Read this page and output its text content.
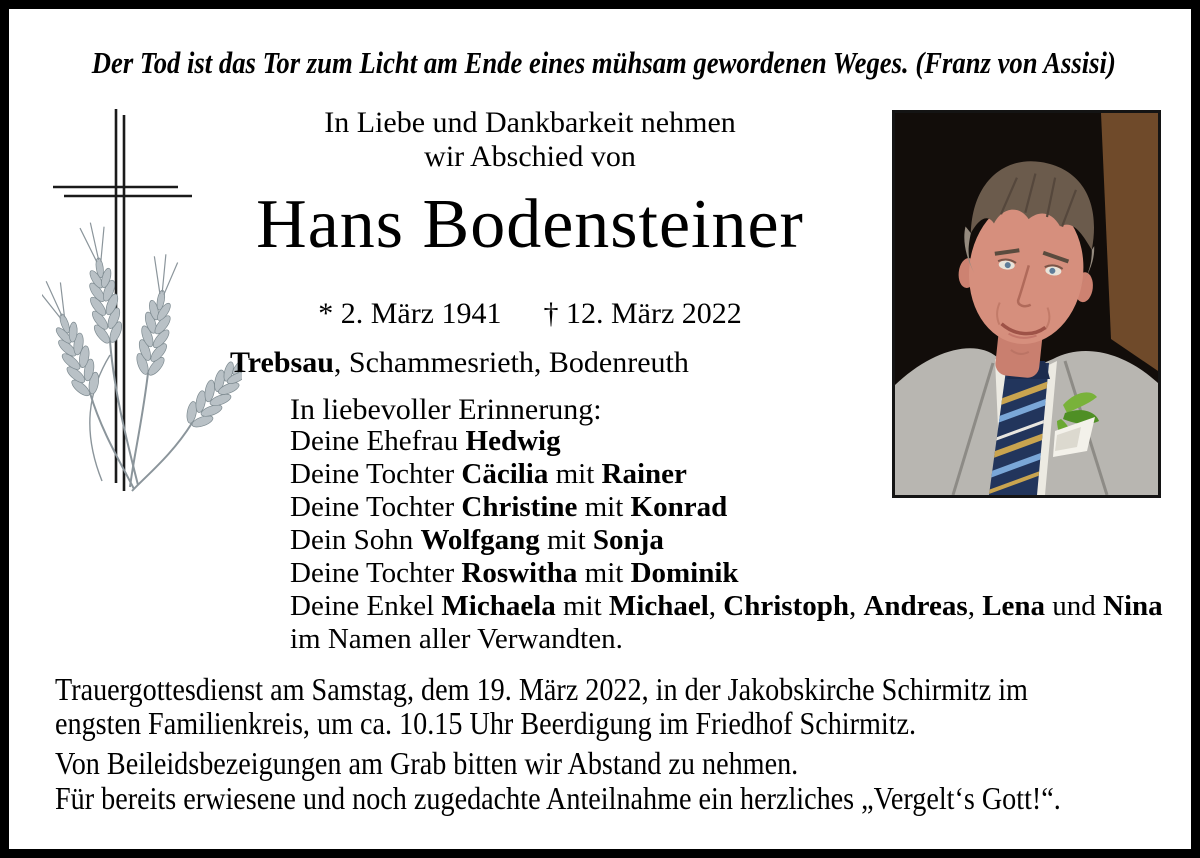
Der Tod ist das Tor zum Licht am Ende eines mühsam gewordenen Weges. (Franz von Assisi)
In Liebe und Dankbarkeit nehmen
wir Abschied von
Hans Bodensteiner
* 2. März 1941 † 12. März 2022
Trebsau, Schammesrieth, Bodenreuth
In liebevoller Erinnerung:
Deine Ehefrau Hedwig
Deine Tochter Cäcilia mit Rainer
Deine Tochter Christine mit Konrad
Dein Sohn Wolfgang mit Sonja
Deine Tochter Roswitha mit Dominik
Deine Enkel Michaela mit Michael, Christoph, Andreas, Lena und Nina
im Namen aller Verwandten.
Trauergottesdienst am Samstag, dem 19. März 2022, in der Jakobskirche Schirmitz im
engsten Familienkreis, um ca. 10.15 Uhr Beerdigung im Friedhof Schirmitz.
Von Beileidsbezeigungen am Grab bitten wir Abstand zu nehmen.
Für bereits erwiesene und noch zugedachte Anteilnahme ein herzliches „Vergelt‘s Gott!“.
